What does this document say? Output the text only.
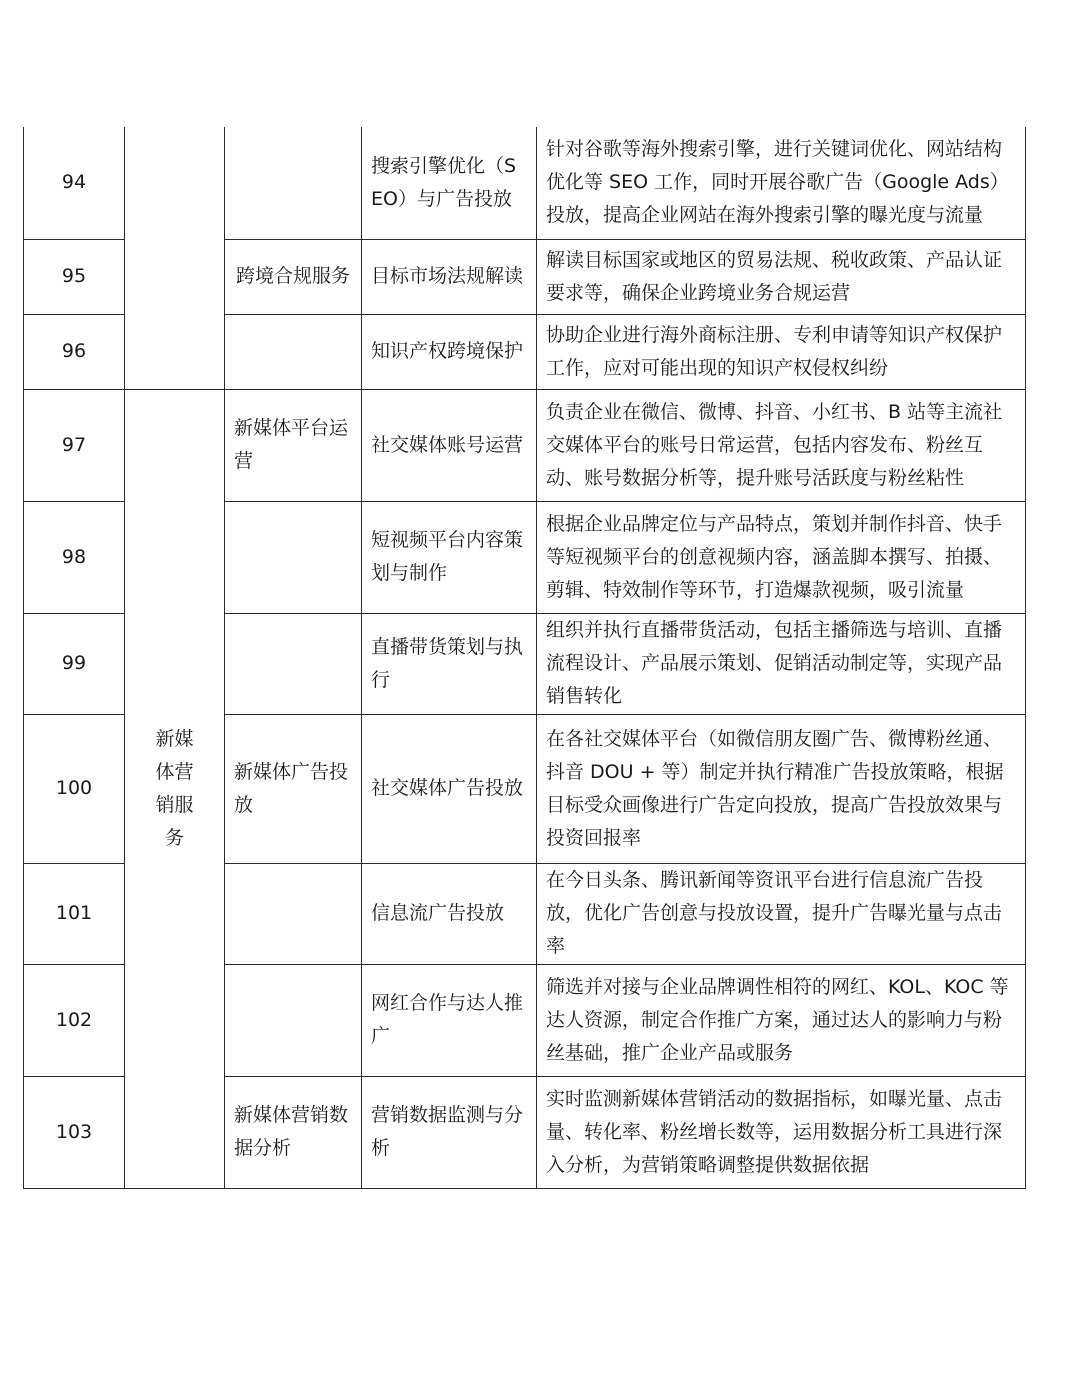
94			搜索引擎优化（SEO）与广告投放	针对谷歌等海外搜索引擎，进行关键词优化、网站结构优化等 SEO 工作，同时开展谷歌广告（Google Ads）投放，提高企业网站在海外搜索引擎的曝光度与流量
95		跨境合规服务	目标市场法规解读	解读目标国家或地区的贸易法规、税收政策、产品认证要求等，确保企业跨境业务合规运营
96			知识产权跨境保护	协助企业进行海外商标注册、专利申请等知识产权保护工作，应对可能出现的知识产权侵权纠纷
97	新媒体营销服务	新媒体平台运营	社交媒体账号运营	负责企业在微信、微博、抖音、小红书、B 站等主流社交媒体平台的账号日常运营，包括内容发布、粉丝互动、账号数据分析等，提升账号活跃度与粉丝粘性
98			短视频平台内容策划与制作	根据企业品牌定位与产品特点，策划并制作抖音、快手等短视频平台的创意视频内容，涵盖脚本撰写、拍摄、剪辑、特效制作等环节，打造爆款视频，吸引流量
99			直播带货策划与执行	组织并执行直播带货活动，包括主播筛选与培训、直播流程设计、产品展示策划、促销活动制定等，实现产品销售转化
100		新媒体广告投放	社交媒体广告投放	在各社交媒体平台（如微信朋友圈广告、微博粉丝通、抖音 DOU + 等）制定并执行精准广告投放策略，根据目标受众画像进行广告定向投放，提高广告投放效果与投资回报率
101			信息流广告投放	在今日头条、腾讯新闻等资讯平台进行信息流广告投放，优化广告创意与投放设置，提升广告曝光量与点击率
102			网红合作与达人推广	筛选并对接与企业品牌调性相符的网红、KOL、KOC 等达人资源，制定合作推广方案，通过达人的影响力与粉丝基础，推广企业产品或服务
103		新媒体营销数据分析	营销数据监测与分析	实时监测新媒体营销活动的数据指标，如曝光量、点击量、转化率、粉丝增长数等，运用数据分析工具进行深入分析，为营销策略调整提供数据依据
